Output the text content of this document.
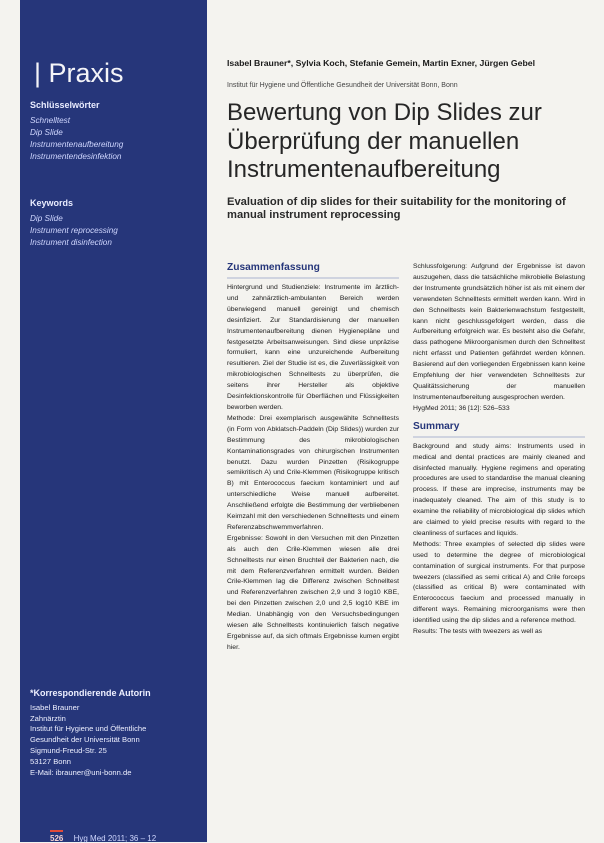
| Praxis
Schlüsselwörter
Schnelltest
Dip Slide
Instrumentenaufbereitung
Instrumentendesinfektion
Keywords
Dip Slide
Instrument reprocessing
Instrument disinfection
*Korrespondierende Autorin
Isabel Brauner
Zahnärztin
Institut für Hygiene und Öffentliche
Gesundheit der Universität Bonn
Sigmund-Freud-Str. 25
53127 Bonn
E-Mail: ibrauner@uni-bonn.de
526 Hyg Med 2011; 36 – 12
Isabel Brauner*, Sylvia Koch, Stefanie Gemein, Martin Exner, Jürgen Gebel
Institut für Hygiene und Öffentliche Gesundheit der Universität Bonn, Bonn
Bewertung von Dip Slides zur Überprüfung der manuellen Instrumentenaufbereitung
Evaluation of dip slides for their suitability for the monitoring of manual instrument reprocessing
Zusammenfassung

Hintergrund und Studienziele: Instrumente im ärztlich- und zahnärztlich-ambulanten Bereich werden überwiegend manuell gereinigt und chemisch desinfiziert. Zur Standardisierung der manuellen Instrumentenaufbereitung dienen Hygienepläne und festgesetzte Arbeitsanweisungen. Sind diese unpräzise formuliert, kann eine unzureichende Aufbereitung resultieren. Ziel der Studie ist es, die Zuverlässigkeit von mikrobiologischen Schnelltests zu überprüfen, die seitens ihrer Hersteller als objektive Desinfektionskontrolle für Oberflächen und Flüssigkeiten beworben werden.

Methode: Drei exemplarisch ausgewählte Schnelltests (in Form von Abklatsch-Paddeln (Dip Slides)) wurden zur Bestimmung des mikrobiologischen Kontaminationsgrades von chirurgischen Instrumenten benutzt. Dazu wurden Pinzetten (Risikogruppe semikritisch A) und Crile-Klemmen (Risikogruppe kritisch B) mit Enterococcus faecium kontaminiert und auf unterschiedliche Weise manuell aufbereitet. Anschließend erfolgte die Bestimmung der verbliebenen Keimzahl mit den verschiedenen Schnelltests und einem Referenzabschwemmverfahren.

Ergebnisse: Sowohl in den Versuchen mit den Pinzetten als auch den Crile-Klemmen wiesen alle drei Schnelltests nur einen Bruchteil der Bakterien nach, die mit dem Referenzverfahren ermittelt wurden. Beiden Crile-Klemmen lag die Differenz zwischen Schnelltest und Referenzverfahren zwischen 2,9 und 3 log10 KBE, bei den Pinzetten zwischen 2,0 und 2,5 log10 KBE im Median. Unabhängig von den Versuchsbedingungen wiesen alle Schnelltests kontinuierlich falsch negative Ergebnisse auf, da sich oftmals Ergebnisse kumen ergibt hier.

Schlussfolgerung: Aufgrund der Ergebnisse ist davon auszugehen, dass die tatsächliche mikrobielle Belastung der Instrumente grundsätzlich höher ist als mit einem der verwendeten Schnelltests ermittelt werden kann. Wird in den Schnelltests kein Bakterienwachstum festgestellt, kann nicht geschlussgefolgert werden, dass die Aufbereitung erfolgreich war. Es besteht also die Gefahr, dass pathogene Mikroorganismen durch den Schnelltest nicht erfasst und Patienten gefährdet werden können. Basierend auf den vorliegenden Ergebnissen kann keine Empfehlung der hier verwendeten Schnelltests zur Qualitätssicherung der manuellen Instrumentenaufbereitung ausgesprochen werden.

HygMed 2011; 36 [12]: 526–533

Summary

Background and study aims: Instruments used in medical and dental practices are mainly cleaned and disinfected manually. Hygiene regimens and operating procedures are used to standardise the manual cleaning process. If these are imprecise, instruments may be inadequately cleaned. The aim of this study is to examine the reliability of microbiological dip slides which are claimed to yield precise results with regard to the cleanliness of surfaces and liquids.

Methods: Three examples of selected dip slides were used to determine the degree of microbiological contamination of surgical instruments. For that purpose tweezers (classified as semi critical A) and Crile forceps (classified as critical B) were contaminated with Enterococcus faecium and processed manually in different ways. Remaining microorganisms were then identified using the dip slides and a reference method.

Results: The tests with tweezers as well as
